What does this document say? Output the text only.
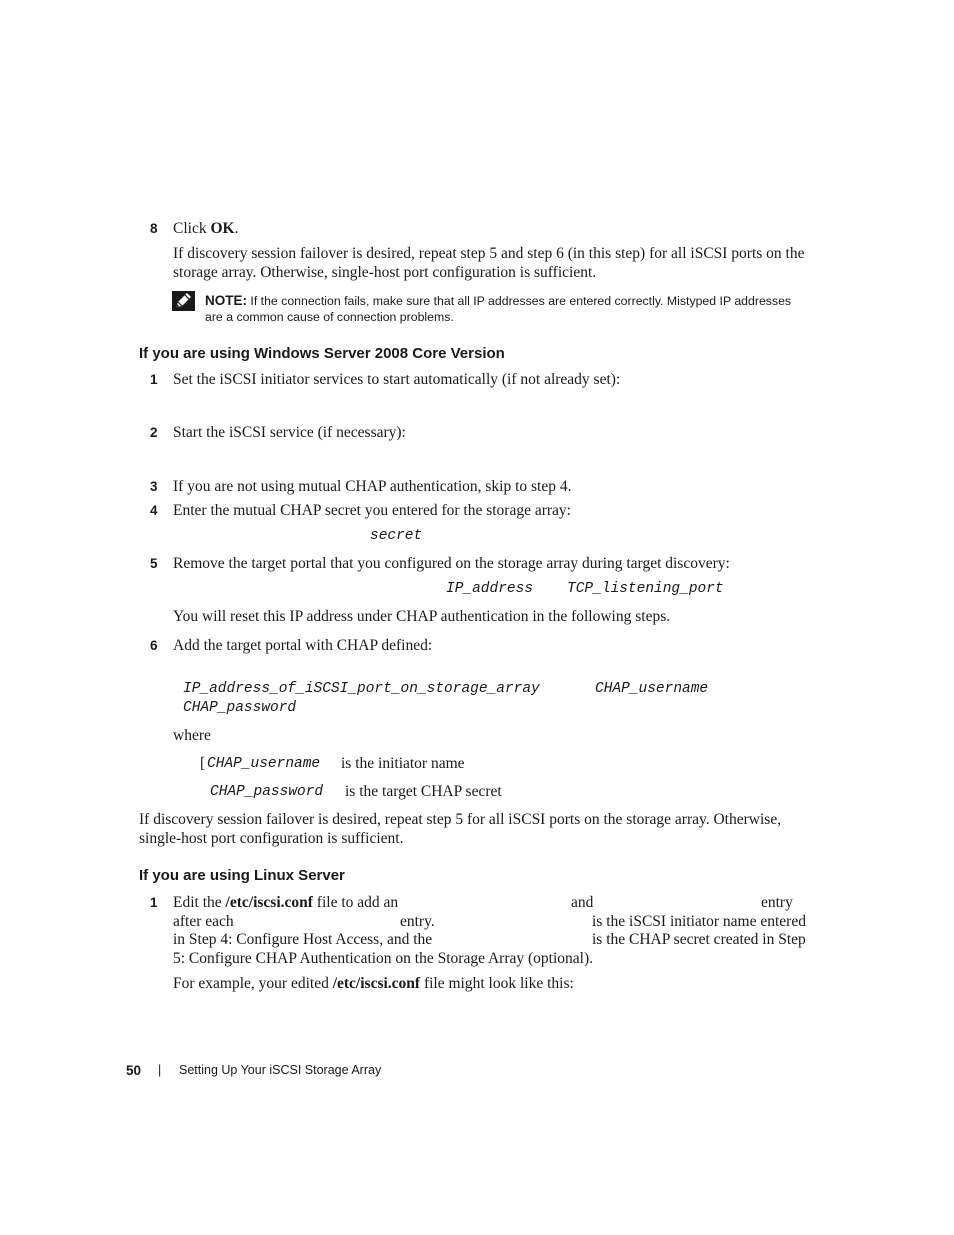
8 Click OK.
If discovery session failover is desired, repeat step 5 and step 6 (in this step) for all iSCSI ports on the
storage array. Otherwise, single-host port configuration is sufficient.
NOTE: If the connection fails, make sure that all IP addresses are entered correctly. Mistyped IP addresses
are a common cause of connection problems.
If you are using Windows Server 2008 Core Version
1 Set the iSCSI initiator services to start automatically (if not already set):
2 Start the iSCSI service (if necessary):
3 If you are not using mutual CHAP authentication, skip to step 4.
4 Enter the mutual CHAP secret you entered for the storage array:
secret
5 Remove the target portal that you configured on the storage array during target discovery:
IP_address TCP_listening_port
You will reset this IP address under CHAP authentication in the following steps.
6 Add the target portal with CHAP defined:
IP_address_of_iSCSI_port_on_storage_array	CHAP_username
CHAP_password
where
[ CHAP_username is the initiator name
CHAP_password is the target CHAP secret
If discovery session failover is desired, repeat step 5 for all iSCSI ports on the storage array. Otherwise,
single-host port configuration is sufficient.
If you are using Linux Server
1 Edit the /etc/iscsi.conf file to add an	and	entry
after each	entry.	is the iSCSI initiator name entered
in Step 4: Configure Host Access, and the	is the CHAP secret created in Step
5: Configure CHAP Authentication on the Storage Array (optional).
For example, your edited /etc/iscsi.conf file might look like this:
50 | Setting Up Your iSCSI Storage Array
